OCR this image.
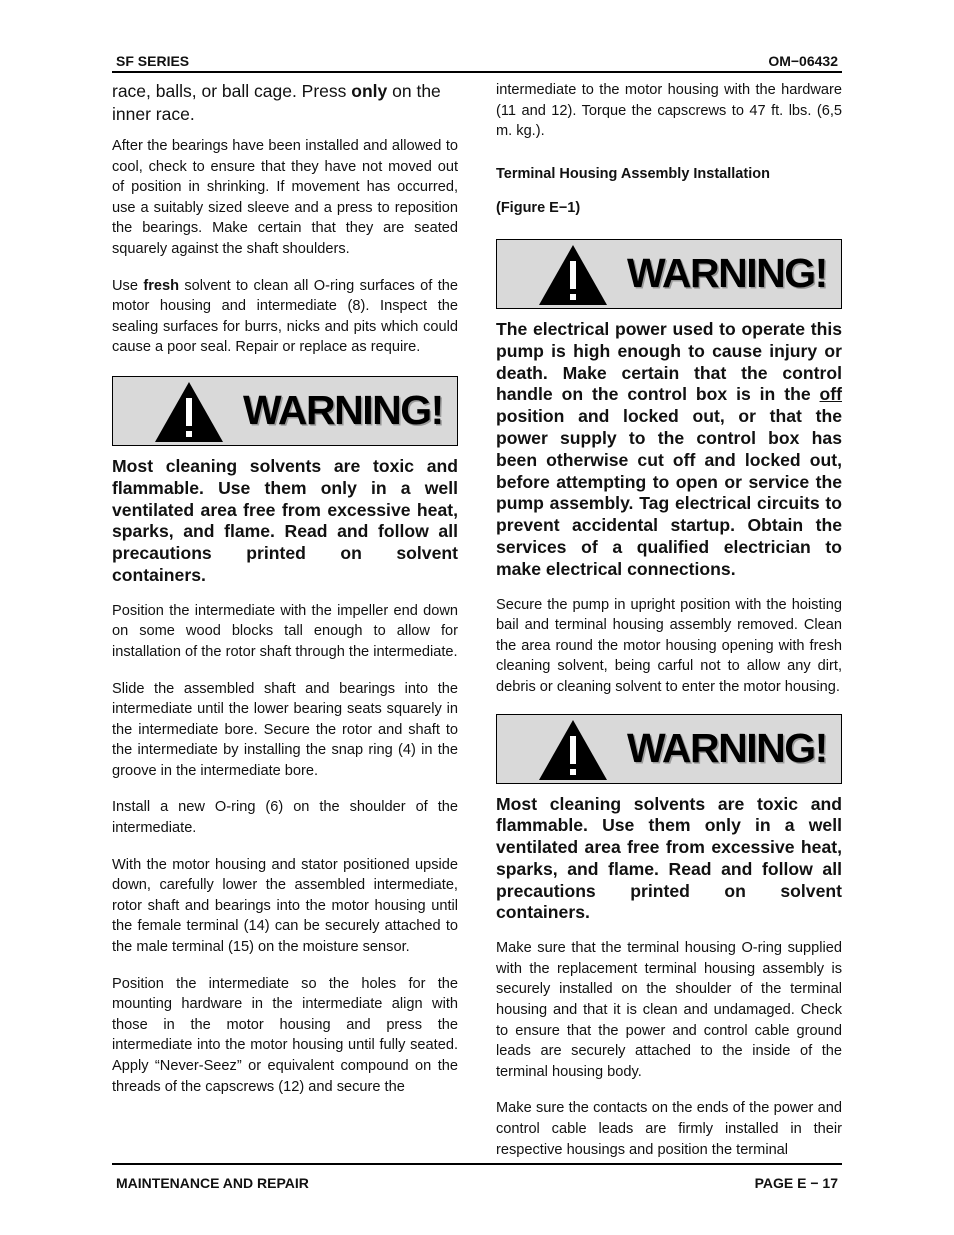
SF SERIES	OM−06432

race, balls, or ball cage. Press only on the inner race.

After the bearings have been installed and allowed to cool, check to ensure that they have not moved out of position in shrinking. If movement has occurred, use a suitably sized sleeve and a press to reposition the bearings. Make certain that they are seated squarely against the shaft shoulders.

Use fresh solvent to clean all O-ring surfaces of the motor housing and intermediate (8). Inspect the sealing surfaces for burrs, nicks and pits which could cause a poor seal. Repair or replace as require.

WARNING!

Most cleaning solvents are toxic and flammable. Use them only in a well ventilated area free from excessive heat, sparks, and flame. Read and follow all precautions printed on solvent containers.

Position the intermediate with the impeller end down on some wood blocks tall enough to allow for installation of the rotor shaft through the intermediate.

Slide the assembled shaft and bearings into the intermediate until the lower bearing seats squarely in the intermediate bore. Secure the rotor and shaft to the intermediate by installing the snap ring (4) in the groove in the intermediate bore.

Install a new O-ring (6) on the shoulder of the intermediate.

With the motor housing and stator positioned upside down, carefully lower the assembled intermediate, rotor shaft and bearings into the motor housing until the female terminal (14) can be securely attached to the male terminal (15) on the moisture sensor.

Position the intermediate so the holes for the mounting hardware in the intermediate align with those in the motor housing and press the intermediate into the motor housing until fully seated. Apply “Never-Seez” or equivalent compound on the threads of the capscrews (12) and secure the

intermediate to the motor housing with the hardware (11 and 12). Torque the capscrews to 47 ft. lbs. (6,5 m. kg.).

Terminal Housing Assembly Installation

(Figure E−1)

WARNING!

The electrical power used to operate this pump is high enough to cause injury or death. Make certain that the control handle on the control box is in the off position and locked out, or that the power supply to the control box has been otherwise cut off and locked out, before attempting to open or service the pump assembly. Tag electrical circuits to prevent accidental startup. Obtain the services of a qualified electrician to make electrical connections.

Secure the pump in upright position with the hoisting bail and terminal housing assembly removed. Clean the area round the motor housing opening with fresh cleaning solvent, being carful not to allow any dirt, debris or cleaning solvent to enter the motor housing.

WARNING!

Most cleaning solvents are toxic and flammable. Use them only in a well ventilated area free from excessive heat, sparks, and flame. Read and follow all precautions printed on solvent containers.

Make sure that the terminal housing O-ring supplied with the replacement terminal housing assembly is securely installed on the shoulder of the terminal housing and that it is clean and undamaged. Check to ensure that the power and control cable ground leads are securely attached to the inside of the terminal housing body.

Make sure the contacts on the ends of the power and control cable leads are firmly installed in their respective housings and position the terminal

MAINTENANCE AND REPAIR	PAGE E − 17
